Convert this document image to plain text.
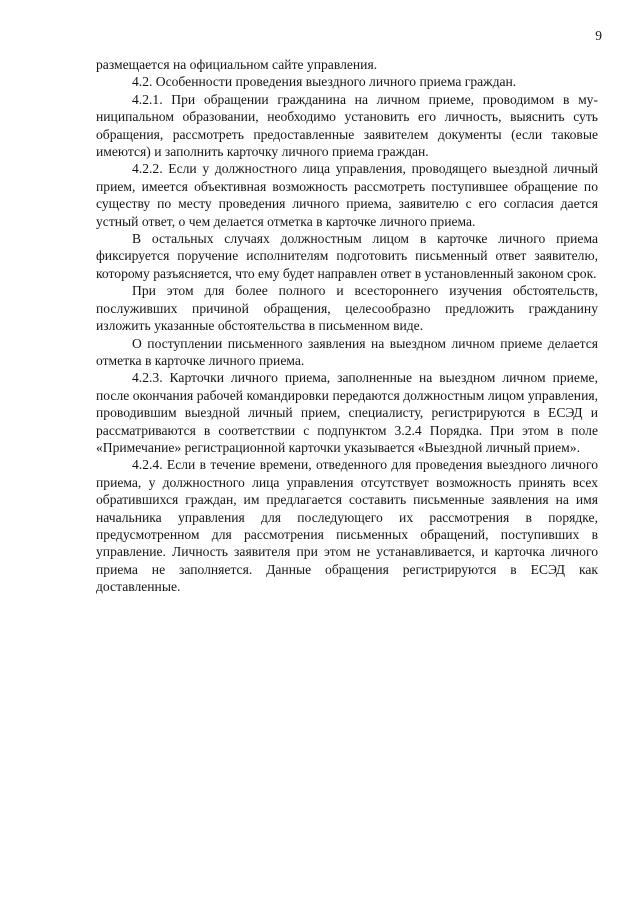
9

размещается на официальном сайте управления.

4.2. Особенности проведения выездного личного приема граждан.

4.2.1. При обращении гражданина на личном приеме, проводимом в муниципальном образовании, необходимо установить его личность, выяснить суть обращения, рассмотреть предоставленные заявителем документы (если таковые имеются) и заполнить карточку личного приема граждан.

4.2.2. Если у должностного лица управления, проводящего выездной личный прием, имеется объективная возможность рассмотреть поступившее обращение по существу по месту проведения личного приема, заявителю с его согласия дается устный ответ, о чем делается отметка в карточке личного приема.

В остальных случаях должностным лицом в карточке личного приема фиксируется поручение исполнителям подготовить письменный ответ заявителю, которому разъясняется, что ему будет направлен ответ в установленный законом срок.

При этом для более полного и всестороннего изучения обстоятельств, послуживших причиной обращения, целесообразно предложить гражданину изложить указанные обстоятельства в письменном виде.

О поступлении письменного заявления на выездном личном приеме делается отметка в карточке личного приема.

4.2.3. Карточки личного приема, заполненные на выездном личном приеме, после окончания рабочей командировки передаются должностным лицом управления, проводившим выездной личный прием, специалисту, регистрируются в ЕСЭД и рассматриваются в соответствии с подпунктом 3.2.4 Порядка. При этом в поле «Примечание» регистрационной карточки указывается «Выездной личный прием».

4.2.4. Если в течение времени, отведенного для проведения выездного личного приема, у должностного лица управления отсутствует возможность принять всех обратившихся граждан, им предлагается составить письменные заявления на имя начальника управления для последующего их рассмотрения в порядке, предусмотренном для рассмотрения письменных обращений, поступивших в управление. Личность заявителя при этом не устанавливается, и карточка личного приема не заполняется. Данные обращения регистрируются в ЕСЭД как доставленные.
